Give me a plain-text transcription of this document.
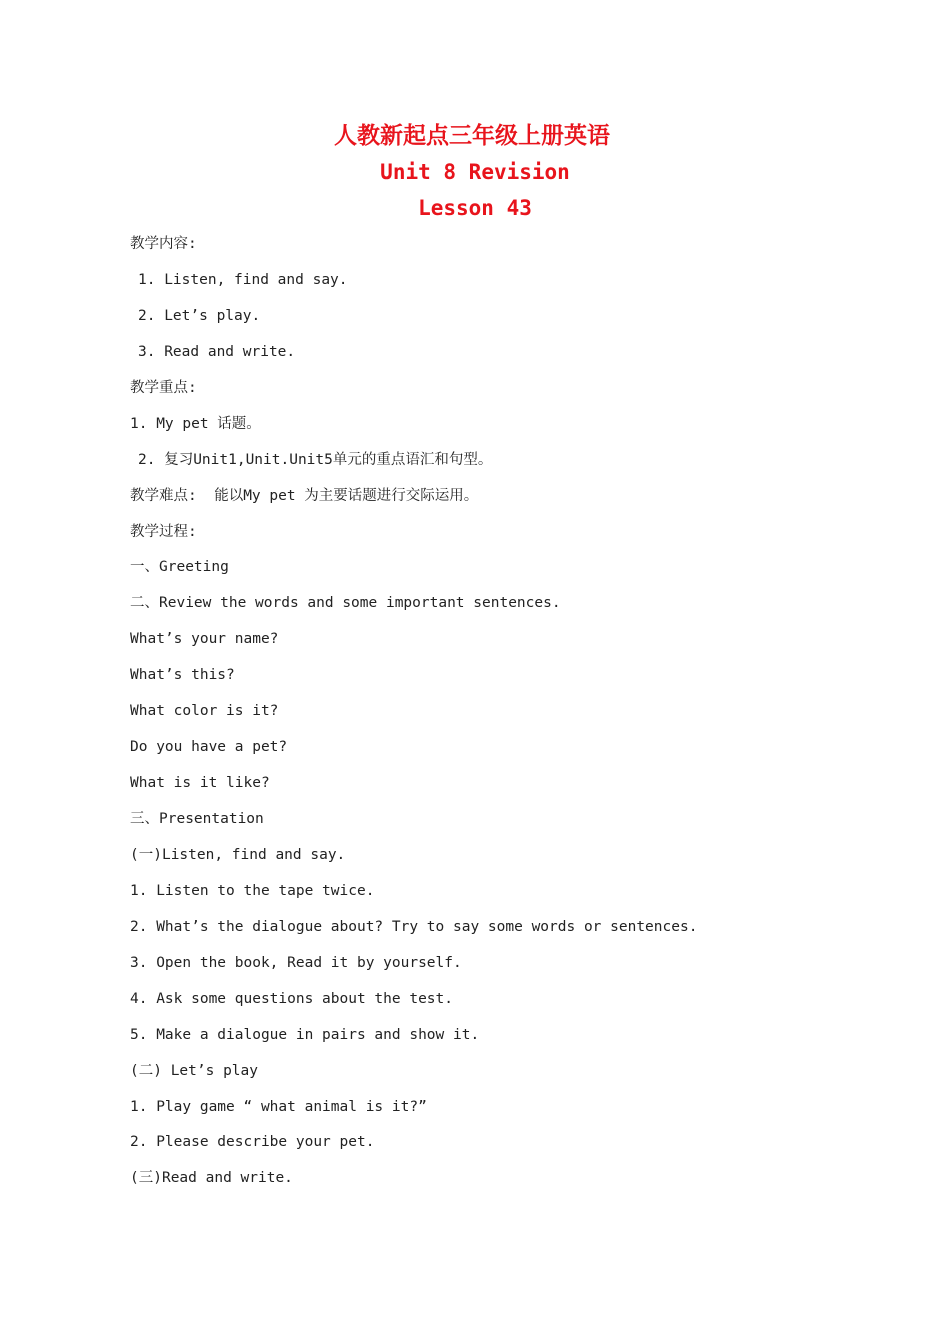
人教新起点三年级上册英语
Unit 8 Revision
Lesson 43
教学内容:
1. Listen, find and say.
2. Let’s play.
3. Read and write.
教学重点:
1. My pet 话题。
2. 复习Unit1,Unit.Unit5单元的重点语汇和句型。
教学难点:  能以My pet 为主要话题进行交际运用。
教学过程:
一、Greeting
二、Review the words and some important sentences.
What’s your name?
What’s this?
What color is it?
Do you have a pet?
What is it like?
三、Presentation
(一)Listen, find and say.
1. Listen to the tape twice.
2. What’s the dialogue about? Try to say some words or sentences.
3. Open the book, Read it by yourself.
4. Ask some questions about the test.
5. Make a dialogue in pairs and show it.
(二) Let’s play
1. Play game “ what animal is it?”
2. Please describe your pet.
(三)Read and write.
